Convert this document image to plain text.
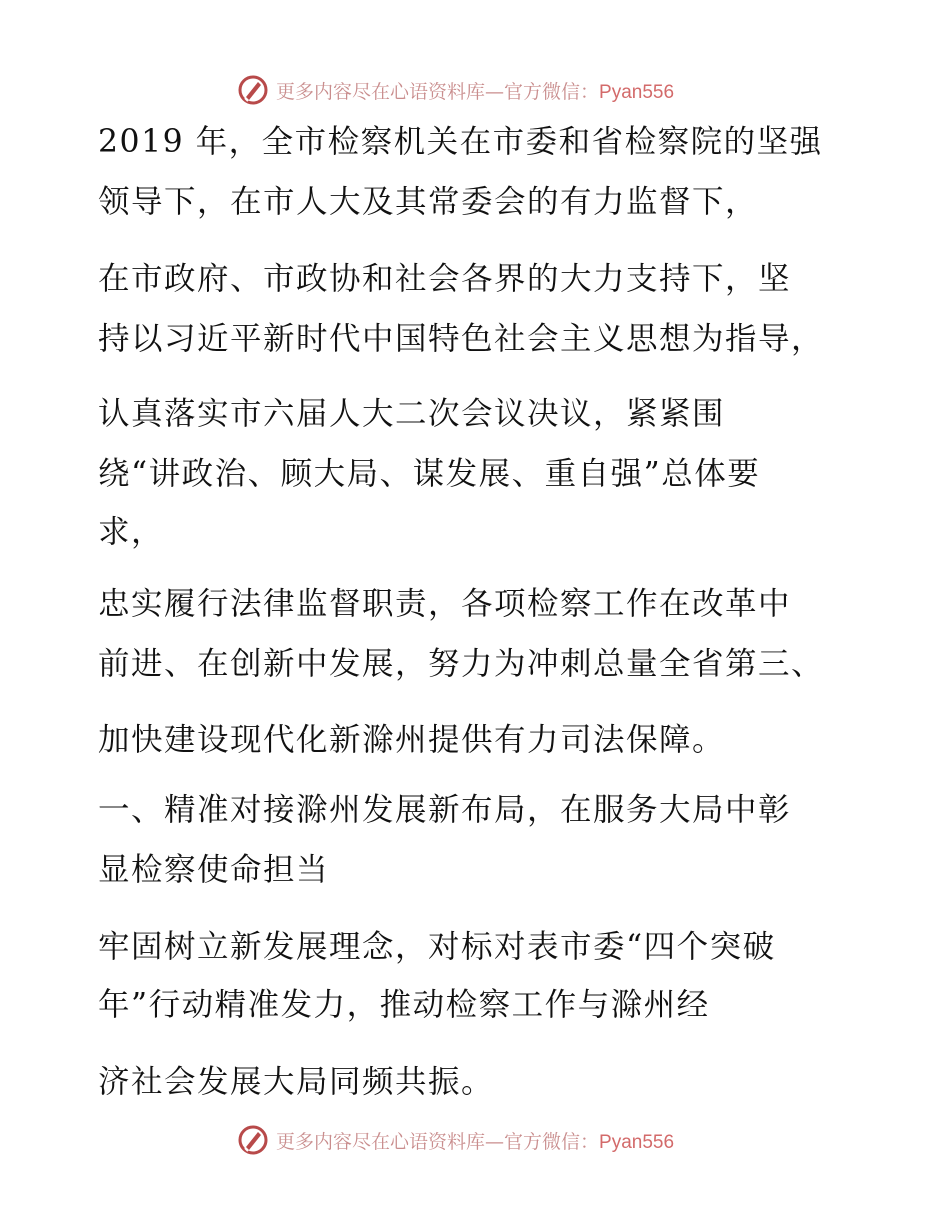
更多内容尽在心语资料库—官方微信：Pyan556
2019 年，全市检察机关在市委和省检察院的坚强
领导下，在市人大及其常委会的有力监督下，
在市政府、市政协和社会各界的大力支持下，坚
持以习近平新时代中国特色社会主义思想为指导，
认真落实市六届人大二次会议决议，紧紧围
绕“讲政治、顾大局、谋发展、重自强”总体要
求，
忠实履行法律监督职责，各项检察工作在改革中
前进、在创新中发展，努力为冲刺总量全省第三、
加快建设现代化新滁州提供有力司法保障。
一、精准对接滁州发展新布局，在服务大局中彰
显检察使命担当
牢固树立新发展理念，对标对表市委“四个突破
年”行动精准发力，推动检察工作与滁州经
济社会发展大局同频共振。
更多内容尽在心语资料库—官方微信：Pyan556
